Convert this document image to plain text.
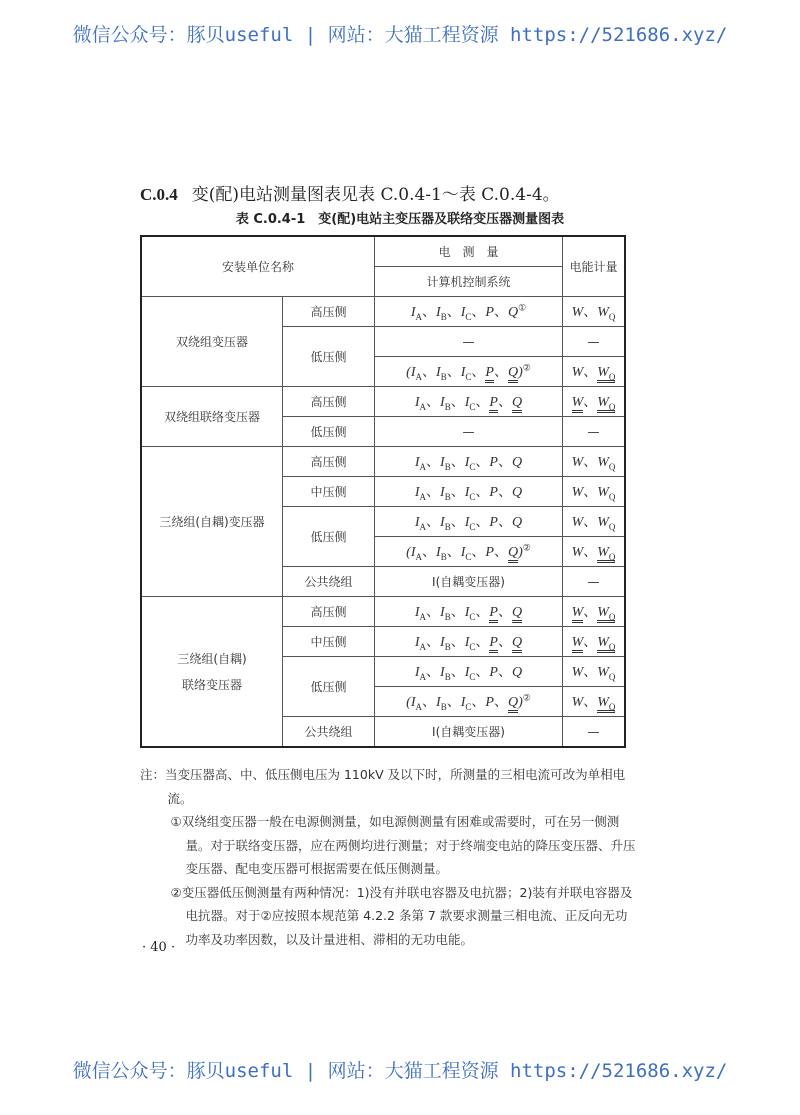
微信公众号：豚贝useful | 网站：大猫工程资源 https://521686.xyz/
C.0.4 变(配)电站测量图表见表 C.0.4-1～表 C.0.4-4。
表 C.0.4-1　变(配)电站主变压器及联络变压器测量图表
安装单位名称		电　测　量	电能计量
		计算机控制系统	
双绕组变压器	高压侧	$I_A$、$I_B$、$I_C$、P、Q①	W、$W_Q$
	低压侧	—	—
		($I_A$、$I_B$、$I_C$、P、Q)②	W、$W_Q$
双绕组联络变压器	高压侧	$I_A$、$I_B$、$I_C$、P、Q	W、$W_Q$
	低压侧	—	—
三绕组(自耦)变压器	高压侧	$I_A$、$I_B$、$I_C$、P、Q	W、$W_Q$
	中压侧	$I_A$、$I_B$、$I_C$、P、Q	W、$W_Q$
	低压侧	$I_A$、$I_B$、$I_C$、P、Q	W、$W_Q$
		($I_A$、$I_B$、$I_C$、P、Q)②	W、$W_Q$
	公共绕组	I(自耦变压器)	—
三绕组(自耦)
联络变压器	高压侧	$I_A$、$I_B$、$I_C$、P、Q	W、$W_Q$
	中压侧	$I_A$、$I_B$、$I_C$、P、Q	W、$W_Q$
	低压侧	$I_A$、$I_B$、$I_C$、P、Q	W、$W_Q$
		($I_A$、$I_B$、$I_C$、P、Q)②	W、$W_Q$
	公共绕组	I(自耦变压器)	—

注：当变压器高、中、低压侧电压为 110kV 及以下时，所测量的三相电流可改为单相电流。

①双绕组变压器一般在电源侧测量，如电源侧测量有困难或需要时，可在另一侧测量。对于联络变压器，应在两侧均进行测量；对于终端变电站的降压变压器、升压变压器、配电变压器可根据需要在低压侧测量。

②变压器低压侧测量有两种情况：1)没有并联电容器及电抗器；2)装有并联电容器及电抗器。对于②应按照本规范第 4.2.2 条第 7 款要求测量三相电流、正反向无功功率及功率因数，以及计量进相、滞相的无功电能。

· 40 ·
微信公众号：豚贝useful | 网站：大猫工程资源 https://521686.xyz/
